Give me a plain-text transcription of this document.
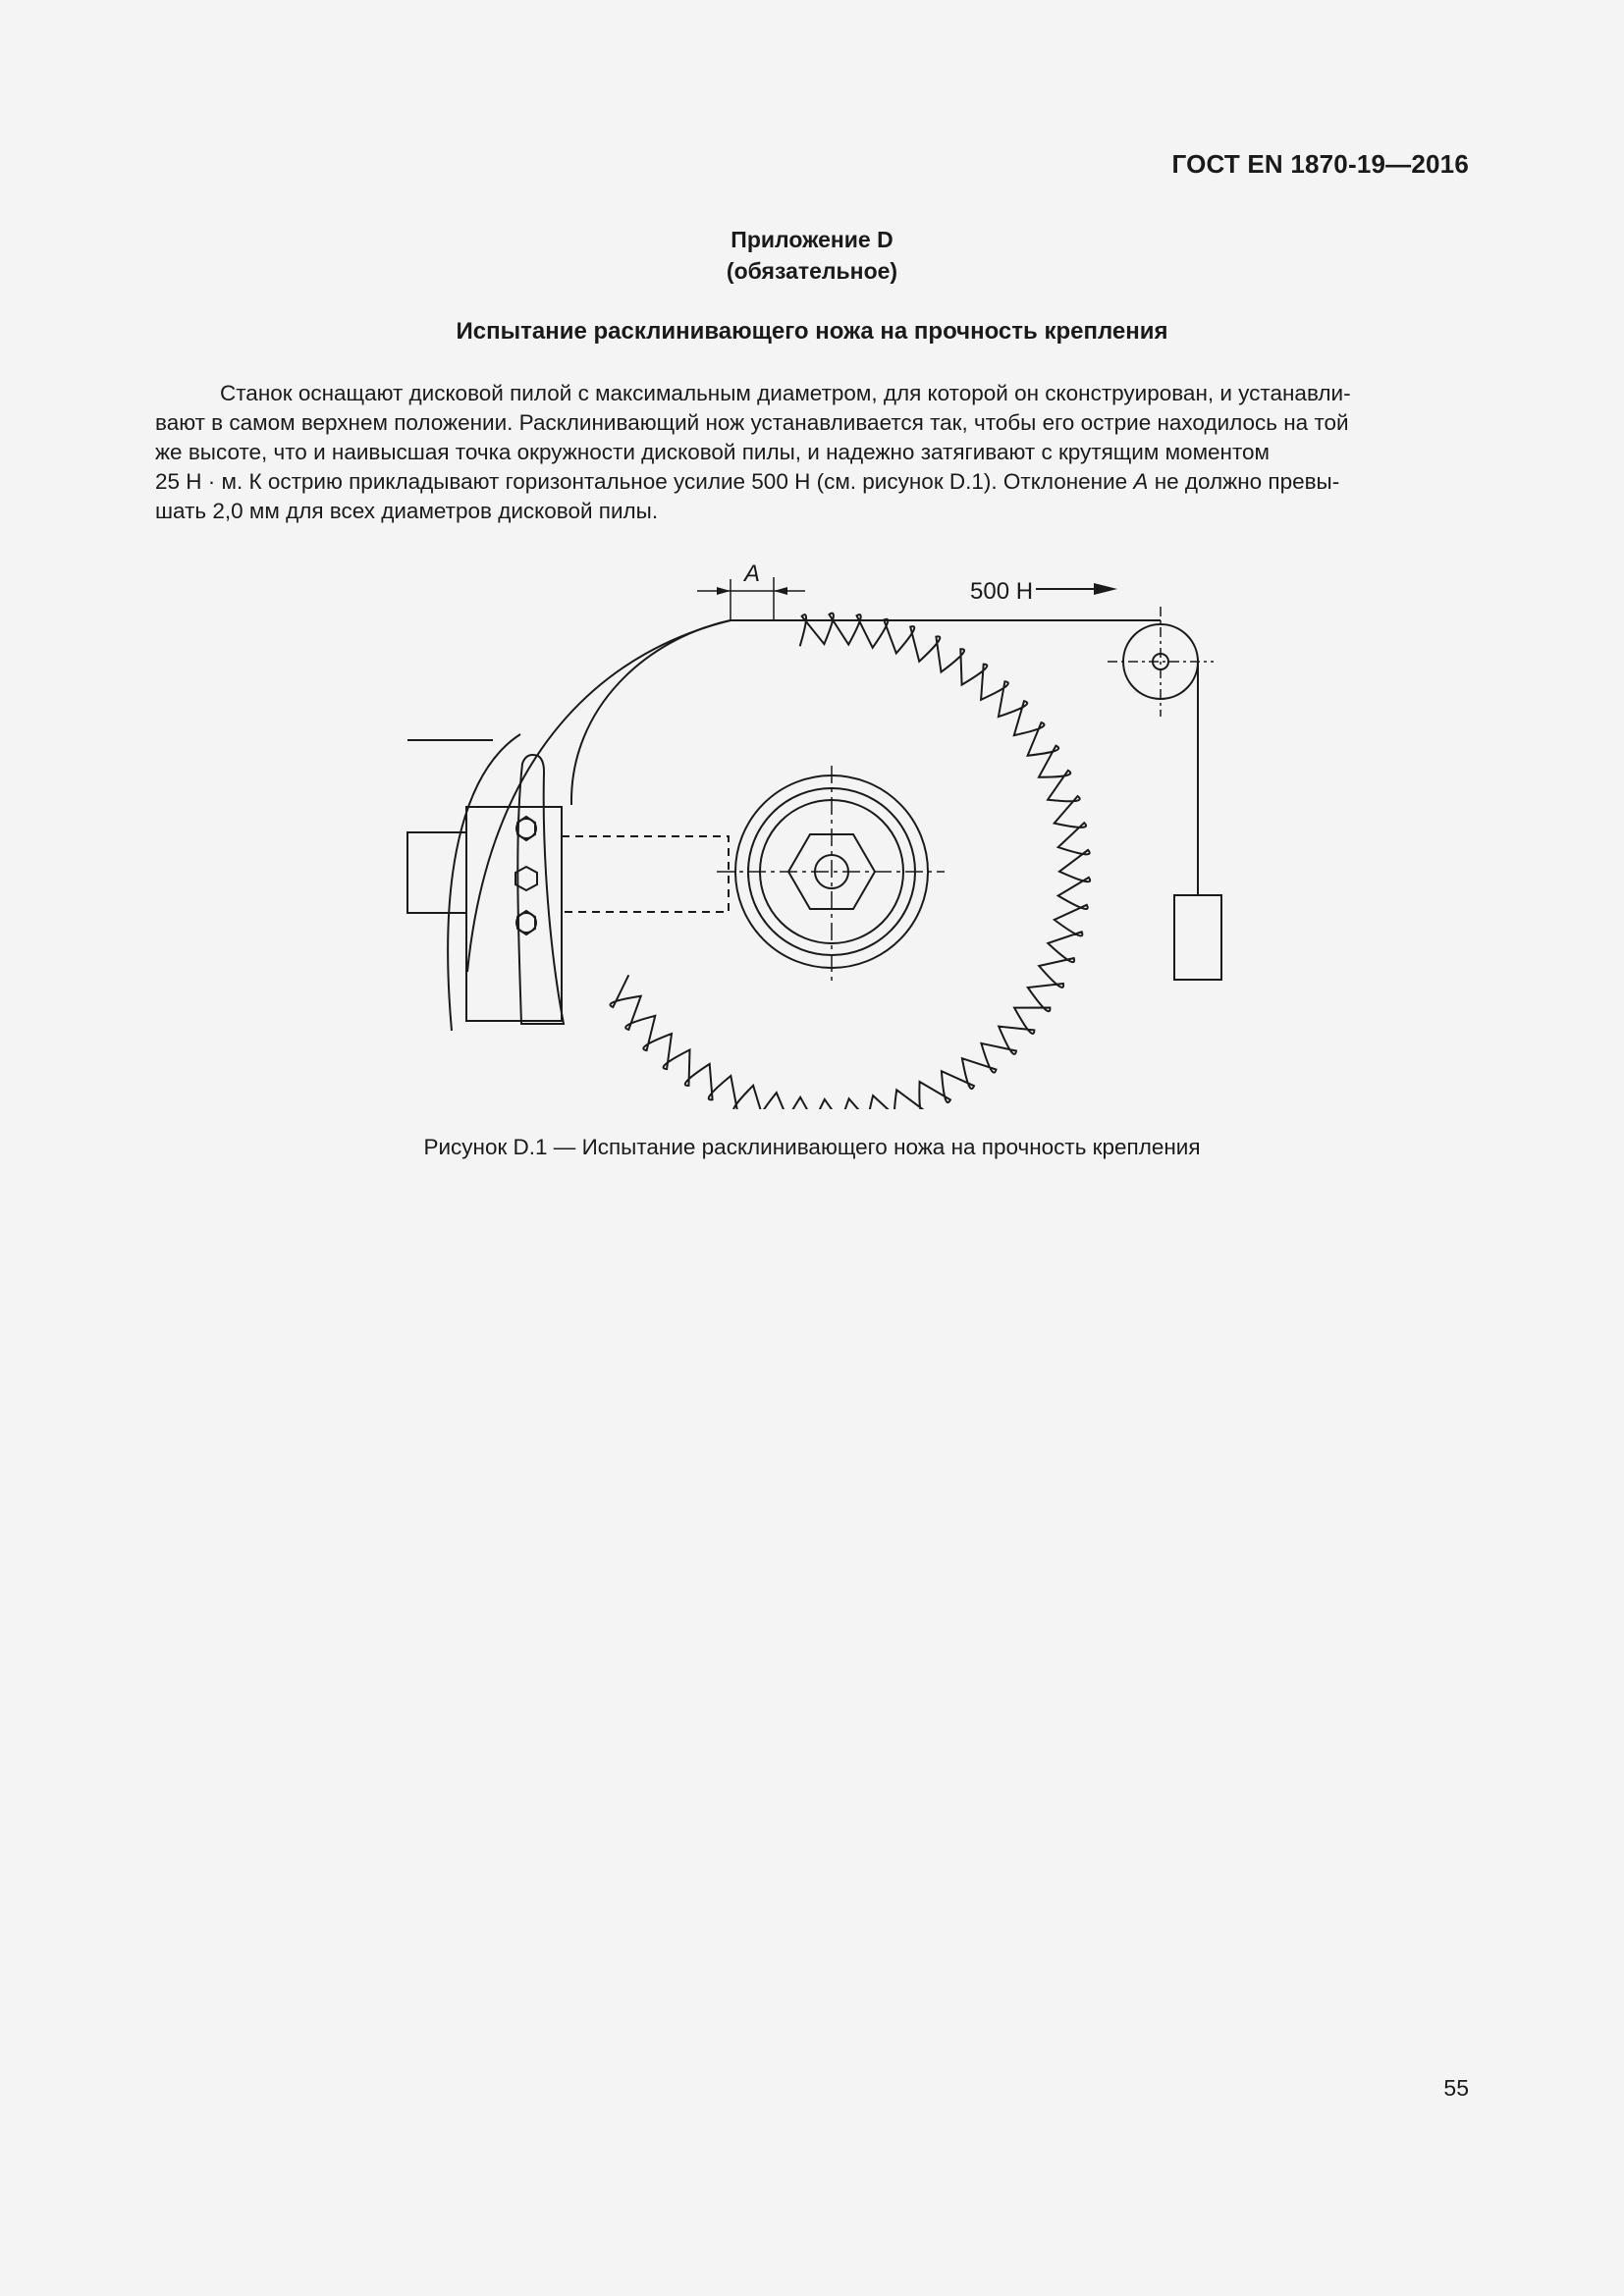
ГОСТ EN 1870-19—2016
Приложение D
(обязательное)
Испытание расклинивающего ножа на прочность крепления
Станок оснащают дисковой пилой с максимальным диаметром, для которой он сконструирован, и устанавли-
вают в самом верхнем положении. Расклинивающий нож устанавливается так, чтобы его острие находилось на той
же высоте, что и наивысшая точка окружности дисковой пилы, и надежно затягивают с крутящим моментом
25 Н · м. К острию прикладывают горизонтальное усилие 500 Н (см. рисунок D.1). Отклонение А не должно превы-
шать 2,0 мм для всех диаметров дисковой пилы.
A
500 Н
Рисунок D.1 — Испытание расклинивающего ножа на прочность крепления
55
